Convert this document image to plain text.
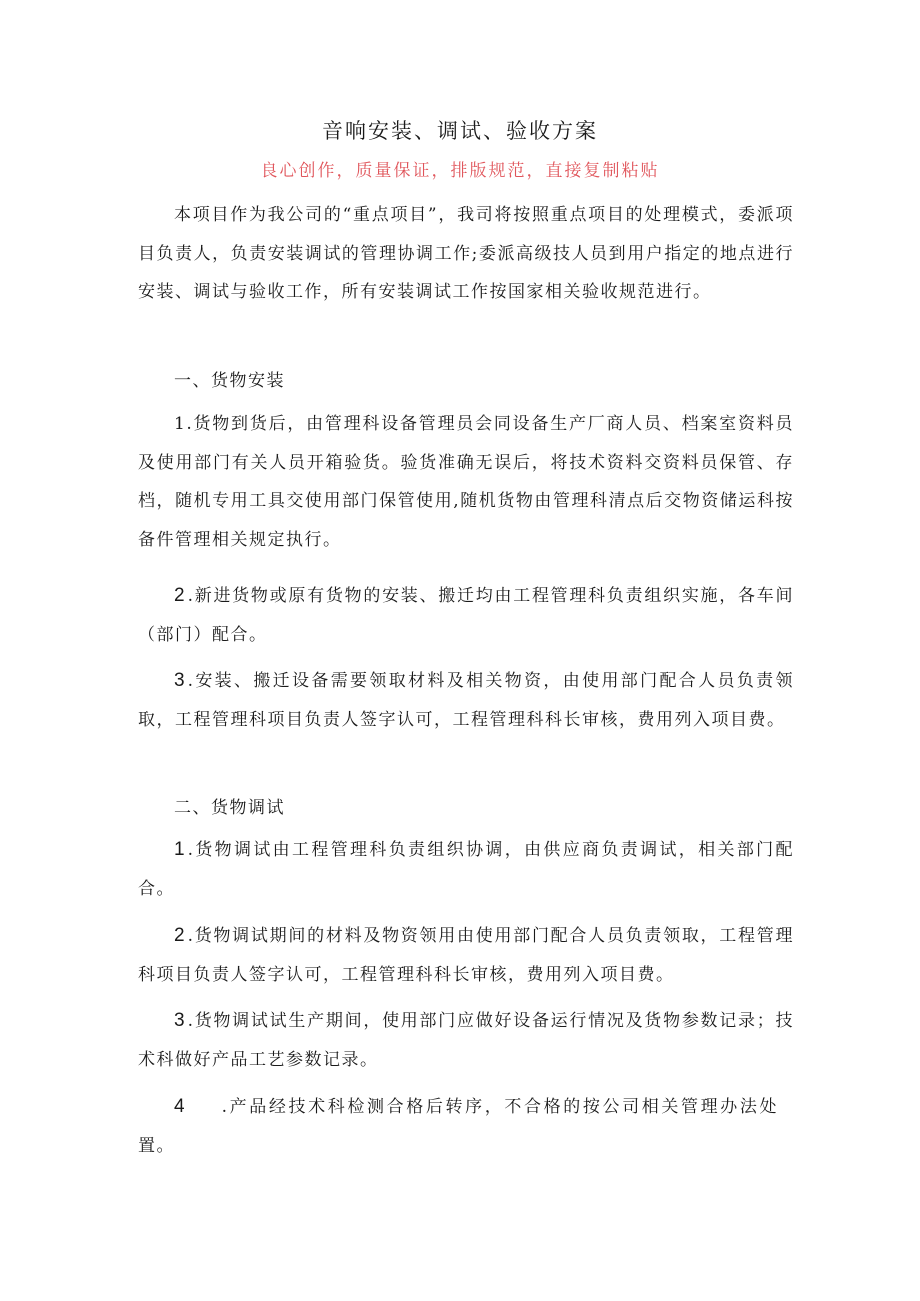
音响安装、调试、验收方案
良心创作，质量保证，排版规范，直接复制粘贴

本项目作为我公司的“重点项目”，我司将按照重点项目的处理模式，委派项目负责人，负责安装调试的管理协调工作;委派高级技人员到用户指定的地点进行安装、调试与验收工作，所有安装调试工作按国家相关验收规范进行。

一、货物安装

1.货物到货后，由管理科设备管理员会同设备生产厂商人员、档案室资料员及使用部门有关人员开箱验货。验货准确无误后，将技术资料交资料员保管、存档，随机专用工具交使用部门保管使用,随机货物由管理科清点后交物资储运科按备件管理相关规定执行。

2.新进货物或原有货物的安装、搬迁均由工程管理科负责组织实施，各车间（部门）配合。

3.安装、搬迁设备需要领取材料及相关物资，由使用部门配合人员负责领取，工程管理科项目负责人签字认可，工程管理科科长审核，费用列入项目费。

二、货物调试

1.货物调试由工程管理科负责组织协调，由供应商负责调试，相关部门配合。

2.货物调试期间的材料及物资领用由使用部门配合人员负责领取，工程管理科项目负责人签字认可，工程管理科科长审核，费用列入项目费。

3.货物调试试生产期间，使用部门应做好设备运行情况及货物参数记录；技术科做好产品工艺参数记录。

4 .产品经技术科检测合格后转序，不合格的按公司相关管理办法处置。
